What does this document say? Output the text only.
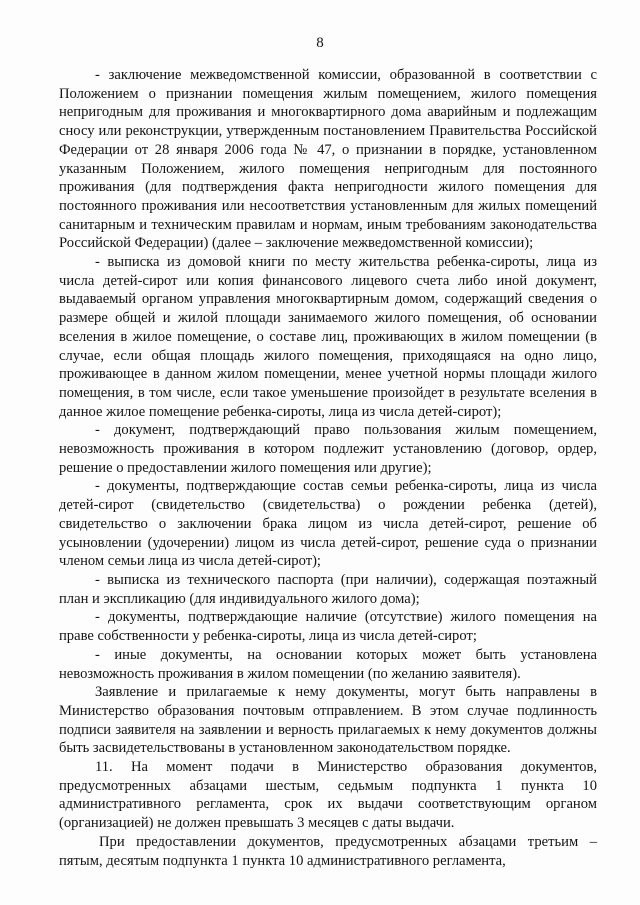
8

- заключение межведомственной комиссии, образованной в соответствии с Положением о признании помещения жилым помещением, жилого помещения непригодным для проживания и многоквартирного дома аварийным и подлежащим сносу или реконструкции, утвержденным постановлением Правительства Российской Федерации от 28 января 2006 года № 47, о признании в порядке, установленном указанным Положением, жилого помещения непригодным для постоянного проживания (для подтверждения факта непригодности жилого помещения для постоянного проживания или несоответствия установленным для жилых помещений санитарным и техническим правилам и нормам, иным требованиям законодательства Российской Федерации) (далее – заключение межведомственной комиссии);

- выписка из домовой книги по месту жительства ребенка-сироты, лица из числа детей-сирот или копия финансового лицевого счета либо иной документ, выдаваемый органом управления многоквартирным домом, содержащий сведения о размере общей и жилой площади занимаемого жилого помещения, об основании вселения в жилое помещение, о составе лиц, проживающих в жилом помещении (в случае, если общая площадь жилого помещения, приходящаяся на одно лицо, проживающее в данном жилом помещении, менее учетной нормы площади жилого помещения, в том числе, если такое уменьшение произойдет в результате вселения в данное жилое помещение ребенка-сироты, лица из числа детей-сирот);

- документ, подтверждающий право пользования жилым помещением, невозможность проживания в котором подлежит установлению (договор, ордер, решение о предоставлении жилого помещения или другие);

- документы, подтверждающие состав семьи ребенка-сироты, лица из числа детей-сирот (свидетельство (свидетельства) о рождении ребенка (детей), свидетельство о заключении брака лицом из числа детей-сирот, решение об усыновлении (удочерении) лицом из числа детей-сирот, решение суда о признании членом семьи лица из числа детей-сирот);

- выписка из технического паспорта (при наличии), содержащая поэтажный план и экспликацию (для индивидуального жилого дома);

- документы, подтверждающие наличие (отсутствие) жилого помещения на праве собственности у ребенка-сироты, лица из числа детей-сирот;

- иные документы, на основании которых может быть установлена невозможность проживания в жилом помещении (по желанию заявителя).

Заявление и прилагаемые к нему документы, могут быть направлены в Министерство образования почтовым отправлением. В этом случае подлинность подписи заявителя на заявлении и верность прилагаемых к нему документов должны быть засвидетельствованы в установленном законодательством порядке.

11. На момент подачи в Министерство образования документов, предусмотренных абзацами шестым, седьмым подпункта 1 пункта 10 административного регламента, срок их выдачи соответствующим органом (организацией) не должен превышать 3 месяцев с даты выдачи.

При предоставлении документов, предусмотренных абзацами третьим – пятым, десятым подпункта 1 пункта 10 административного регламента,
